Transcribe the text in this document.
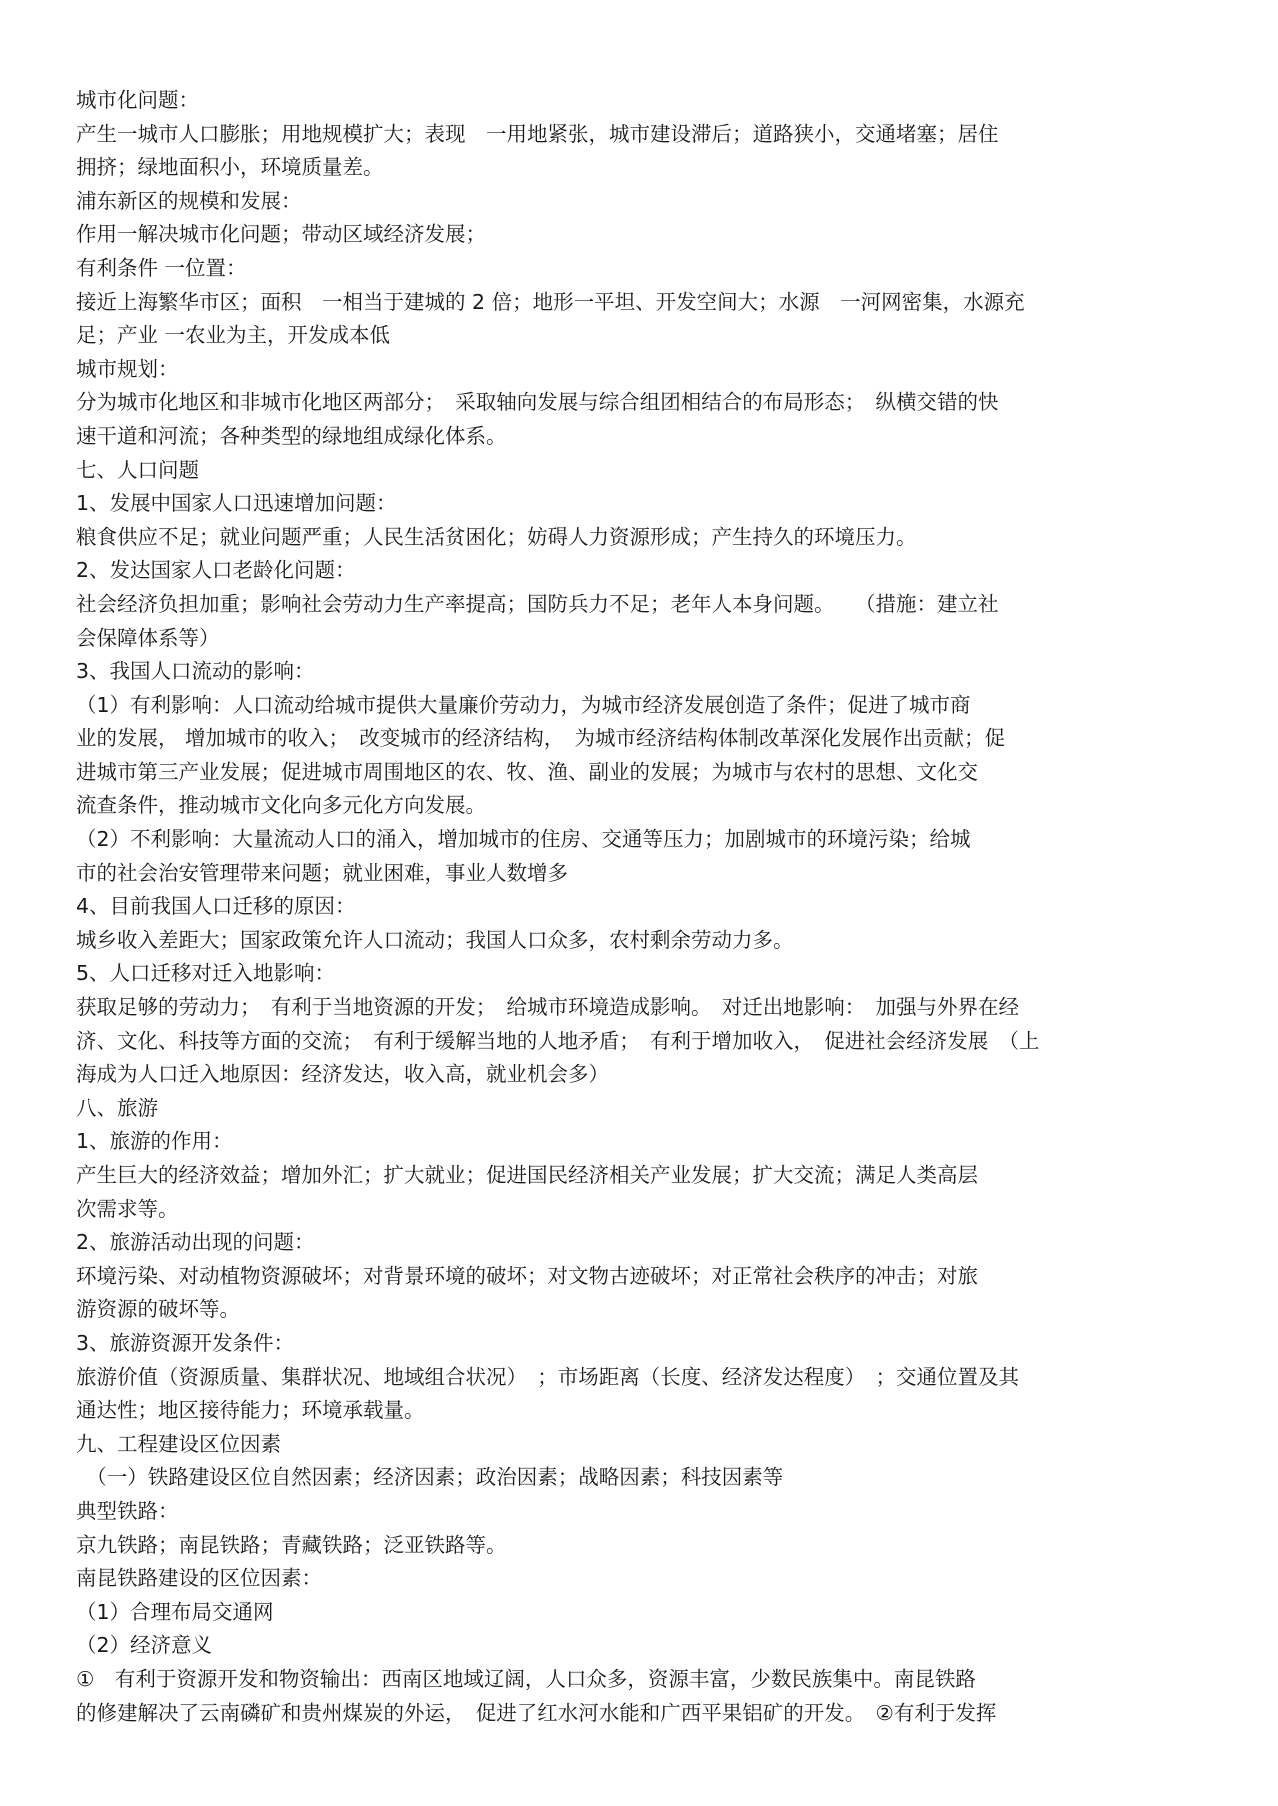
城市化问题：
产生一城市人口膨胀；用地规模扩大；表现　一用地紧张，城市建设滞后；道路狭小，交通堵塞；居住
拥挤；绿地面积小，环境质量差。
浦东新区的规模和发展：
作用一解决城市化问题；带动区域经济发展；
有利条件 一位置：
接近上海繁华市区；面积　一相当于建城的 2 倍；地形一平坦、开发空间大；水源　一河网密集，水源充
足；产业 一农业为主，开发成本低
城市规划：
分为城市化地区和非城市化地区两部分；　采取轴向发展与综合组团相结合的布局形态；　纵横交错的快
速干道和河流；各种类型的绿地组成绿化体系。
七、人口问题
1、发展中国家人口迅速增加问题：
粮食供应不足；就业问题严重；人民生活贫困化；妨碍人力资源形成；产生持久的环境压力。
2、发达国家人口老龄化问题：
社会经济负担加重；影响社会劳动力生产率提高；国防兵力不足；老年人本身问题。　　（措施：建立社
会保障体系等）
3、我国人口流动的影响：
（1）有利影响：人口流动给城市提供大量廉价劳动力，为城市经济发展创造了条件；促进了城市商
业的发展， 增加城市的收入；　改变城市的经济结构，　为城市经济结构体制改革深化发展作出贡献；促
进城市第三产业发展；促进城市周围地区的农、牧、渔、副业的发展；为城市与农村的思想、文化交
流查条件，推动城市文化向多元化方向发展。
（2）不利影响：大量流动人口的涌入，增加城市的住房、交通等压力；加剧城市的环境污染；给城
市的社会治安管理带来问题；就业困难，事业人数增多
4、目前我国人口迁移的原因：
城乡收入差距大；国家政策允许人口流动；我国人口众多，农村剩余劳动力多。
5、人口迁移对迁入地影响：
获取足够的劳动力；　有利于当地资源的开发；　给城市环境造成影响。　对迁出地影响：　加强与外界在经
济、文化、科技等方面的交流；　有利于缓解当地的人地矛盾；　有利于增加收入，　促进社会经济发展　（上
海成为人口迁入地原因：经济发达，收入高，就业机会多）
八、旅游
1、旅游的作用：
产生巨大的经济效益；增加外汇；扩大就业；促进国民经济相关产业发展；扩大交流；满足人类高层
次需求等。
2、旅游活动出现的问题：
环境污染、对动植物资源破坏；对背景环境的破坏；对文物古迹破坏；对正常社会秩序的冲击；对旅
游资源的破坏等。
3、旅游资源开发条件：
旅游价值（资源质量、集群状况、地域组合状况）　；市场距离（长度、经济发达程度）　；交通位置及其
通达性；地区接待能力；环境承载量。
九、工程建设区位因素
　（一）铁路建设区位自然因素；经济因素；政治因素；战略因素；科技因素等
典型铁路：
京九铁路；南昆铁路；青藏铁路；泛亚铁路等。
南昆铁路建设的区位因素：
（1）合理布局交通网
（2）经济意义
①　有利于资源开发和物资输出：西南区地域辽阔，人口众多，资源丰富，少数民族集中。南昆铁路
的修建解决了云南磷矿和贵州煤炭的外运，　促进了红水河水能和广西平果铝矿的开发。　②有利于发挥
